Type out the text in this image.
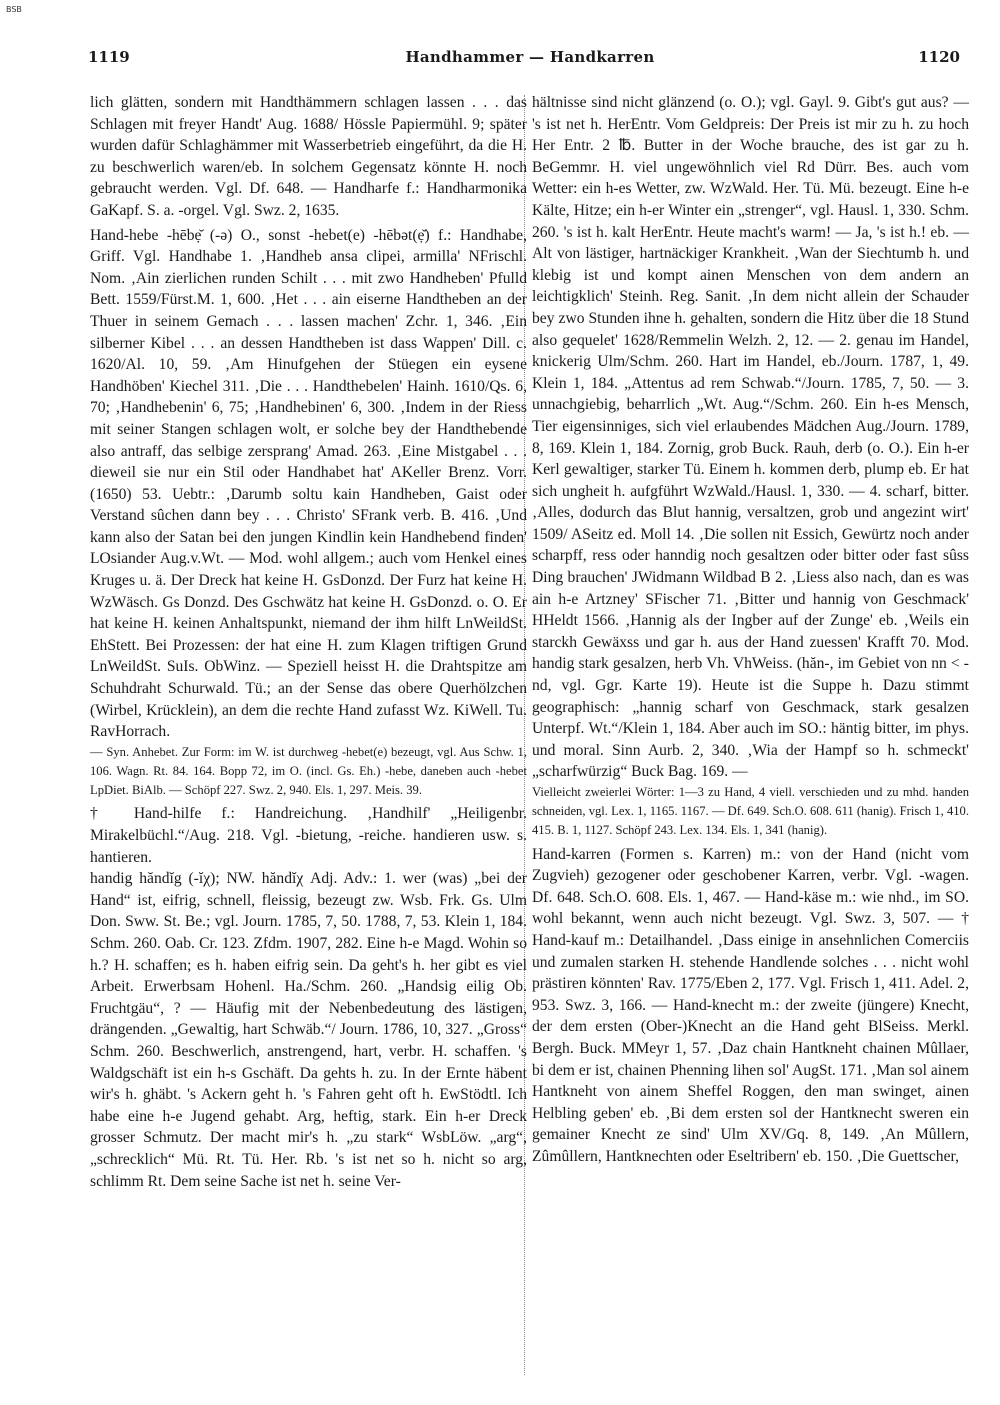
BSB
1119	Handhammer — Handkarren	1120

lich glätten, sondern mit Handthämmern schlagen lassen . . . das Schlagen mit freyer Handt' Aug. 1688/ Hössle Papiermühl. 9; später wurden dafür Schlaghämmer mit Wasserbetrieb eingeführt, da die H. zu beschwerlich waren/eb. In solchem Gegensatz könnte H. noch gebraucht werden. Vgl. Df. 648. — Handharfe f.: Handharmonika GaKapf. S. a. -orgel. Vgl. Swz. 2, 1635.

Hand-hebe -hēbẹ̆ (-ə) O., sonst -hebet(e) -hēbət(ẹ̆) f.: Handhabe, Griff. Vgl. Handhabe 1. ‚Handheb ansa clipei, armilla' NFrischl. Nom. ‚Ain zierlichen runden Schilt . . . mit zwo Handheben' Pfulld Bett. 1559/Fürst.M. 1, 600. ‚Het . . . ain eiserne Handtheben an der Thuer in seinem Gemach . . . lassen machen' Zchr. 1, 346. ‚Ein silberner Kibel . . . an dessen Handtheben ist dass Wappen' Dill. c. 1620/Al. 10, 59. ‚Am Hinufgehen der Stüegen ein eysene Handhöben' Kiechel 311. ‚Die . . . Handthebelen' Hainh. 1610/Qs. 6, 70; ‚Handhebenin' 6, 75; ‚Handhebinen' 6, 300. ‚Indem in der Riess mit seiner Stangen schlagen wolt, er solche bey der Handthebende also antraff, das selbige zersprang' Amad. 263. ‚Eine Mistgabel . . . dieweil sie nur ein Stil oder Handhabet hat' AKeller Brenz. Vorr. (1650) 53. Uebtr.: ‚Darumb soltu kain Handheben, Gaist oder Verstand sûchen dann bey . . . Christo' SFrank verb. B. 416. ‚Und kann also der Satan bei den jungen Kindlin kein Handhebend finden' LOsiander Aug.v.Wt. — Mod. wohl allgem.; auch vom Henkel eines Kruges u. ä. Der Dreck hat keine H. GsDonzd. Der Furz hat keine H. WzWäsch. Gs Donzd. Des Gschwätz hat keine H. GsDonzd. o. O. Er hat keine H. keinen Anhaltspunkt, niemand der ihm hilft LnWeildSt. EhStett. Bei Prozessen: der hat eine H. zum Klagen triftigen Grund LnWeildSt. SuIs. ObWinz. — Speziell heisst H. die Drahtspitze am Schuhdraht Schurwald. Tü.; an der Sense das obere Querhölzchen (Wirbel, Krücklein), an dem die rechte Hand zufasst Wz. KiWell. Tu. RavHorrach.

— Syn. Anhebet. Zur Form: im W. ist durchweg -hebet(e) bezeugt, vgl. Aus Schw. 1, 106. Wagn. Rt. 84. 164. Bopp 72, im O. (incl. Gs. Eh.) -hebe, daneben auch -hebet LpDiet. BiAlb. — Schöpf 227. Swz. 2, 940. Els. 1, 297. Meis. 39.

† Hand-hilfe f.: Handreichung. ‚Handhilf' „Heiligenbr. Mirakelbüchl.“/Aug. 218. Vgl. -bietung, -reiche. handieren usw. s. hantieren.

handig hăndĭg (-ĭχ); NW. hăndĭχ Adj. Adv.: 1. wer (was) „bei der Hand“ ist, eifrig, schnell, fleissig, bezeugt zw. Wsb. Frk. Gs. Ulm Don. Sww. St. Be.; vgl. Journ. 1785, 7, 50. 1788, 7, 53. Klein 1, 184. Schm. 260. Oab. Cr. 123. Zfdm. 1907, 282. Eine h-e Magd. Wohin so h.? H. schaffen; es h. haben eifrig sein. Da geht's h. her gibt es viel Arbeit. Erwerbsam Hohenl. Ha./Schm. 260. „Handsig eilig Ob. Fruchtgäu“, ? — Häufig mit der Nebenbedeutung des lästigen, drängenden. „Gewaltig, hart Schwäb.“/ Journ. 1786, 10, 327. „Gross“ Schm. 260. Beschwerlich, anstrengend, hart, verbr. H. schaffen. 's Waldgschäft ist ein h-s Gschäft. Da gehts h. zu. In der Ernte häbent wir's h. ghäbt. 's Ackern geht h. 's Fahren geht oft h. EwStödtl. Ich habe eine h-e Jugend gehabt. Arg, heftig, stark. Ein h-er Dreck grosser Schmutz. Der macht mir's h. „zu stark“ WsbLöw. „arg“, „schrecklich“ Mü. Rt. Tü. Her. Rb. 's ist net so h. nicht so arg, schlimm Rt. Dem seine Sache ist net h. seine Ver-

hältnisse sind nicht glänzend (o. O.); vgl. Gayl. 9. Gibt's gut aus? — 's ist net h. HerEntr. Vom Geldpreis: Der Preis ist mir zu h. zu hoch Her Entr. 2 ℔. Butter in der Woche brauche, des ist gar zu h. BeGemmr. H. viel ungewöhnlich viel Rd Dürr. Bes. auch vom Wetter: ein h-es Wetter, zw. WzWald. Her. Tü. Mü. bezeugt. Eine h-e Kälte, Hitze; ein h-er Winter ein „strenger“, vgl. Hausl. 1, 330. Schm. 260. 's ist h. kalt HerEntr. Heute macht's warm! — Ja, 's ist h.! eb. — Alt von lästiger, hartnäckiger Krankheit. ‚Wan der Siechtumb h. und klebig ist und kompt ainen Menschen von dem andern an leichtigklich' Steinh. Reg. Sanit. ‚In dem nicht allein der Schauder bey zwo Stunden ihne h. gehalten, sondern die Hitz über die 18 Stund also gequelet' 1628/Remmelin Welzh. 2, 12. — 2. genau im Handel, knickerig Ulm/Schm. 260. Hart im Handel, eb./Journ. 1787, 1, 49. Klein 1, 184. „Attentus ad rem Schwab.“/Journ. 1785, 7, 50. — 3. unnachgiebig, beharrlich „Wt. Aug.“/Schm. 260. Ein h-es Mensch, Tier eigensinniges, sich viel erlaubendes Mädchen Aug./Journ. 1789, 8, 169. Klein 1, 184. Zornig, grob Buck. Rauh, derb (o. O.). Ein h-er Kerl gewaltiger, starker Tü. Einem h. kommen derb, plump eb. Er hat sich ungheit h. aufgführt WzWald./Hausl. 1, 330. — 4. scharf, bitter. ‚Alles, dodurch das Blut hannig, versaltzen, grob und angezint wirt' 1509/ ASeitz ed. Moll 14. ‚Die sollen nit Essich, Gewürtz noch ander scharpff, ress oder hanndig noch gesaltzen oder bitter oder fast sûss Ding brauchen' JWidmann Wildbad B 2. ‚Liess also nach, dan es was ain h-e Artzney' SFischer 71. ‚Bitter und hannig von Geschmack' HHeldt 1566. ‚Hannig als der Ingber auf der Zunge' eb. ‚Weils ein starckh Gewäxss und gar h. aus der Hand zuessen' Krafft 70. Mod. handig stark gesalzen, herb Vh. VhWeiss. (hăn-, im Gebiet von nn < -nd, vgl. Ggr. Karte 19). Heute ist die Suppe h. Dazu stimmt geographisch: „hannig scharf von Geschmack, stark gesalzen Unterpf. Wt.“/Klein 1, 184. Aber auch im SO.: häntig bitter, im phys. und moral. Sinn Aurb. 2, 340. ‚Wia der Hampf so h. schmeckt' „scharfwürzig“ Buck Bag. 169. —

Vielleicht zweierlei Wörter: 1—3 zu Hand, 4 viell. verschieden und zu mhd. handen schneiden, vgl. Lex. 1, 1165. 1167. — Df. 649. Sch.O. 608. 611 (hanig). Frisch 1, 410. 415. B. 1, 1127. Schöpf 243. Lex. 134. Els. 1, 341 (hanig).

Hand-karren (Formen s. Karren) m.: von der Hand (nicht vom Zugvieh) gezogener oder geschobener Karren, verbr. Vgl. -wagen. Df. 648. Sch.O. 608. Els. 1, 467. — Hand-käse m.: wie nhd., im SO. wohl bekannt, wenn auch nicht bezeugt. Vgl. Swz. 3, 507. — † Hand-kauf m.: Detailhandel. ‚Dass einige in ansehnlichen Comerciis und zumalen starken H. stehende Handlende solches . . . nicht wohl prästiren könnten' Rav. 1775/Eben 2, 177. Vgl. Frisch 1, 411. Adel. 2, 953. Swz. 3, 166. — Hand-knecht m.: der zweite (jüngere) Knecht, der dem ersten (Ober-)Knecht an die Hand geht BlSeiss. Merkl. Bergh. Buck. MMeyr 1, 57. ‚Daz chain Hantkneht chainen Mûllaer, bi dem er ist, chainen Phenning lihen sol' AugSt. 171. ‚Man sol ainem Hantkneht von ainem Sheffel Roggen, den man swinget, ainen Helbling geben' eb. ‚Bi dem ersten sol der Hantknecht sweren ein gemainer Knecht ze sind' Ulm XV/Gq. 8, 149. ‚An Mûllern, Zûmûllern, Hantknechten oder Eseltribern' eb. 150. ‚Die Guettscher,
